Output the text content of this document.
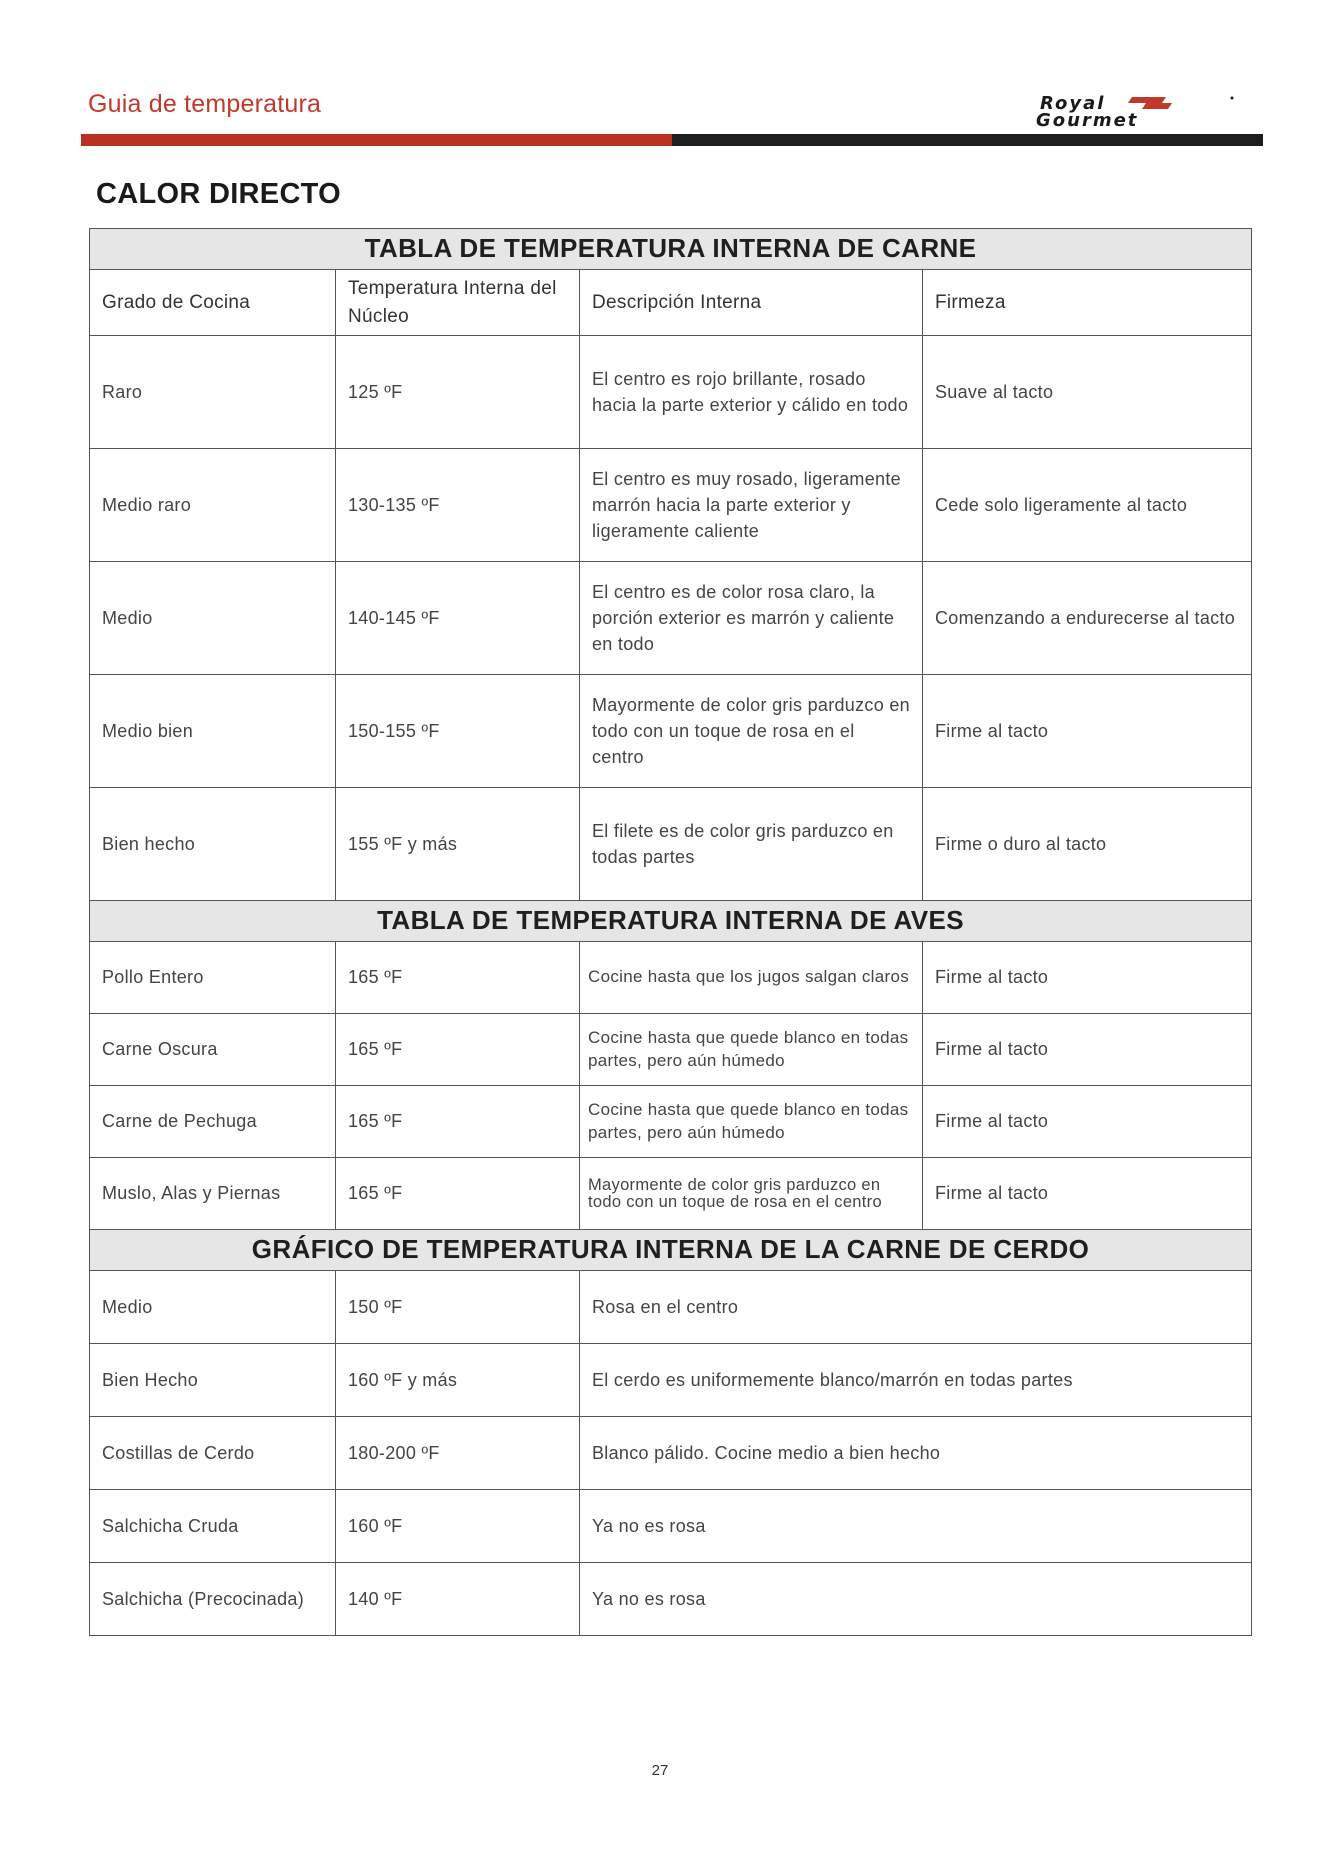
Guia de temperatura	Royal
Gourmet
CALOR DIRECTO
TABLA DE TEMPERATURA INTERNA DE CARNE			
Grado de Cocina	Temperatura Interna del Núcleo	Descripción Interna	Firmeza
Raro	125 ºF	El centro es rojo brillante, rosado hacia la parte exterior y cálido en todo	Suave al tacto
Medio raro	130-135 ºF	El centro es muy rosado, ligeramente marrón hacia la parte exterior y ligeramente caliente	Cede solo ligeramente al tacto
Medio	140-145 ºF	El centro es de color rosa claro, la porción exterior es marrón y caliente en todo	Comenzando a endurecerse al tacto
Medio bien	150-155 ºF	Mayormente de color gris parduzco en todo con un toque de rosa en el centro	Firme al tacto
Bien hecho	155 ºF y más	El filete es de color gris parduzco en todas partes	Firme o duro al tacto
TABLA DE TEMPERATURA INTERNA DE AVES			
Pollo Entero	165 ºF	Cocine hasta que los jugos salgan claros	Firme al tacto
Carne Oscura	165 ºF	Cocine hasta que quede blanco en todas partes, pero aún húmedo	Firme al tacto
Carne de Pechuga	165 ºF	Cocine hasta que quede blanco en todas partes, pero aún húmedo	Firme al tacto
Muslo, Alas y Piernas	165 ºF	Mayormente de color gris parduzco en todo con un toque de rosa en el centro	Firme al tacto
GRÁFICO DE TEMPERATURA INTERNA DE LA CARNE DE CERDO			
Medio	150 ºF	Rosa en el centro	
Bien Hecho	160 ºF y más	El cerdo es uniformemente blanco/marrón en todas partes	
Costillas de Cerdo	180-200 ºF	Blanco pálido. Cocine medio a bien hecho	
Salchicha Cruda	160 ºF	Ya no es rosa	
Salchicha (Precocinada)	140 ºF	Ya no es rosa	
27
